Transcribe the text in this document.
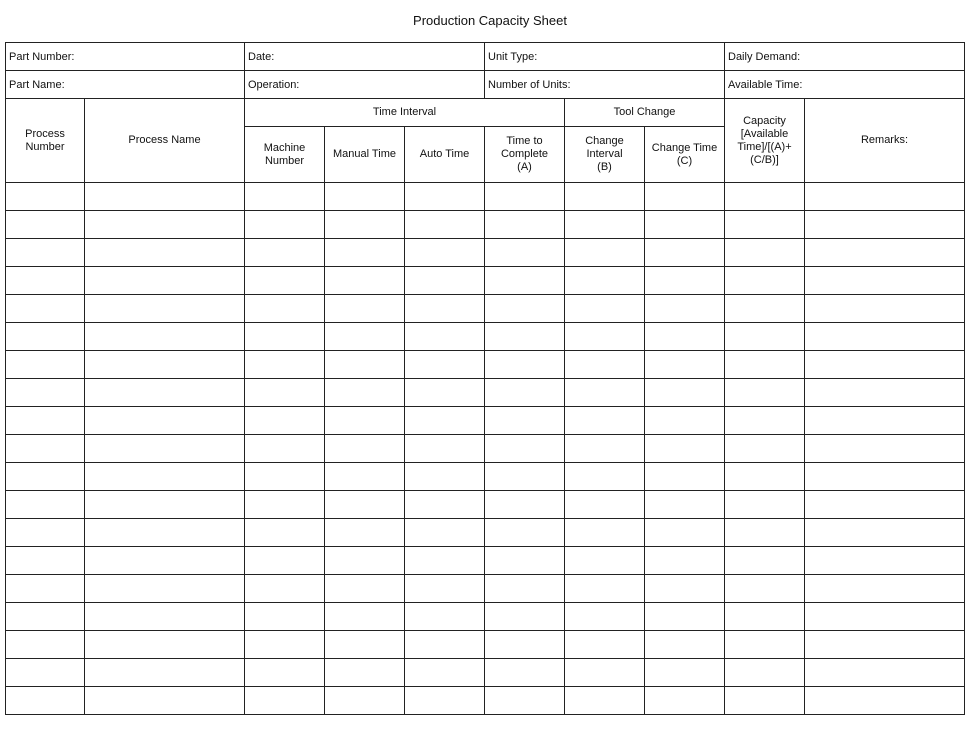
Production Capacity Sheet
Part Number:		Date:			Unit Type:			Daily Demand:	
Part Name:		Operation:			Number of Units:			Available Time:	
Process Number	Process Name	Time Interval				Tool Change		Capacity [Available Time]/[(A)+(C/B)]	Remarks:
		Machine Number	Manual Time	Auto Time	Time to Complete (A)	Change Interval (B)	Change Time (C)		
